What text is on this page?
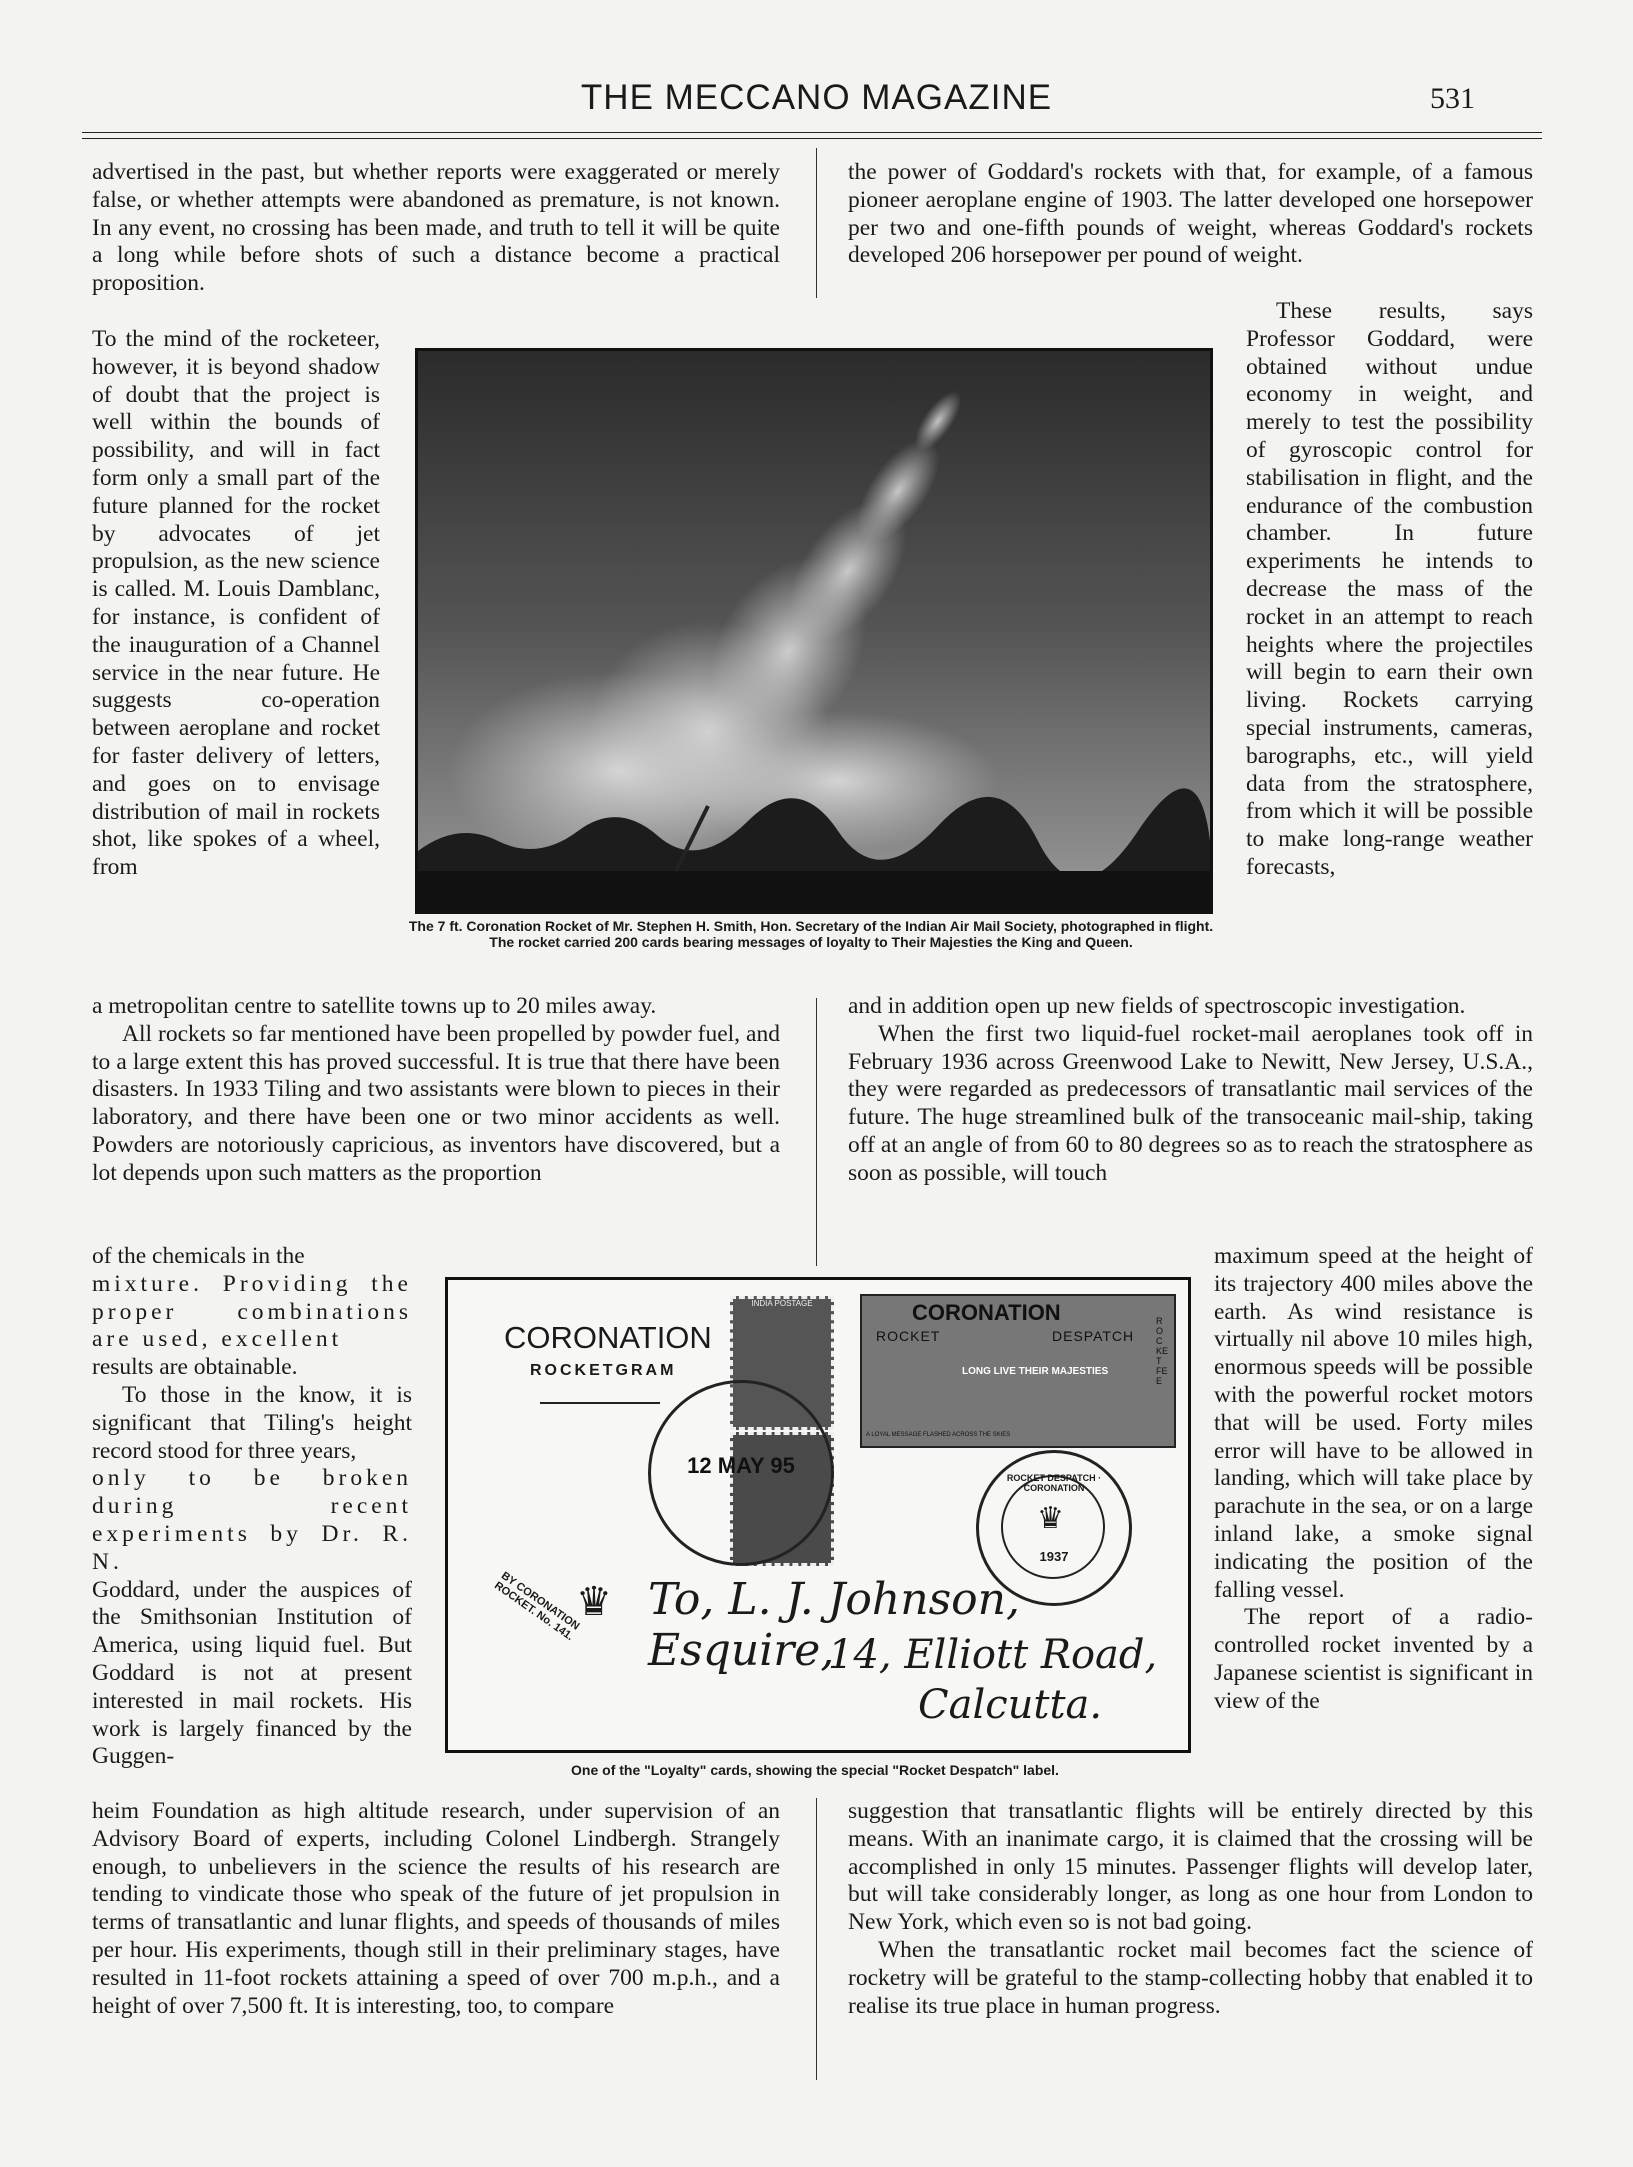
THE MECCANO MAGAZINE	531

advertised in the past, but whether reports were exaggerated or merely false, or whether attempts were abandoned as premature, is not known. In any event, no crossing has been made, and truth to tell it will be quite a long while before shots of such a distance become a practical proposition.

To the mind of the rocketeer, however, it is beyond shadow of doubt that the project is well within the bounds of possibility, and will in fact form only a small part of the future planned for the rocket by advocates of jet propulsion, as the new science is called. M. Louis Damblanc, for instance, is confident of the inauguration of a Channel service in the near future. He suggests co-operation between aeroplane and rocket for faster delivery of letters, and goes on to envisage distribution of mail in rockets shot, like spokes of a wheel, from

a metropolitan centre to satellite towns up to 20 miles away.

All rockets so far mentioned have been propelled by powder fuel, and to a large extent this has proved successful. It is true that there have been disasters. In 1933 Tiling and two assistants were blown to pieces in their laboratory, and there have been one or two minor accidents as well. Powders are notoriously capricious, as inventors have discovered, but a lot depends upon such matters as the proportion

of the chemicals in the

mixture. Providing the proper combinations are used, excellent

results are obtainable.

To those in the know, it is significant that Tiling's height record stood for three years,

only to be broken during recent experiments by Dr. R. N.

Goddard, under the auspices of the Smithsonian Institution of America, using liquid fuel. But Goddard is not at present interested in mail rockets. His work is largely financed by the Guggen-

heim Foundation as high altitude research, under supervision of an Advisory Board of experts, including Colonel Lindbergh. Strangely enough, to unbelievers in the science the results of his research are tending to vindicate those who speak of the future of jet propulsion in terms of transatlantic and lunar flights, and speeds of thousands of miles per hour. His experiments, though still in their preliminary stages, have resulted in 11-foot rockets attaining a speed of over 700 m.p.h., and a height of over 7,500 ft. It is interesting, too, to compare

the power of Goddard's rockets with that, for example, of a famous pioneer aeroplane engine of 1903. The latter developed one horsepower per two and one-fifth pounds of weight, whereas Goddard's rockets developed 206 horsepower per pound of weight.

These results, says Professor Goddard, were obtained without undue economy in weight, and merely to test the possibility of gyroscopic control for stabilisation in flight, and the endurance of the combustion chamber. In future experiments he intends to decrease the mass of the rocket in an attempt to reach heights where the projectiles will begin to earn their own living. Rockets carrying special instruments, cameras, barographs, etc., will yield data from the stratosphere, from which it will be possible to make long-range weather forecasts,

and in addition open up new fields of spectroscopic investigation.

When the first two liquid-fuel rocket-mail aeroplanes took off in February 1936 across Greenwood Lake to Newitt, New Jersey, U.S.A., they were regarded as predecessors of transatlantic mail services of the future. The huge streamlined bulk of the transoceanic mail-ship, taking off at an angle of from 60 to 80 degrees so as to reach the stratosphere as soon as possible, will touch

maximum speed at the height of its trajectory 400 miles above the earth. As wind resistance is virtually nil above 10 miles high, enormous speeds will be possible with the powerful rocket motors that will be used. Forty miles error will have to be allowed in landing, which will take place by parachute in the sea, or on a large inland lake, a smoke signal indicating the position of the falling vessel.

The report of a radio-controlled rocket invented by a Japanese scientist is significant in view of the

suggestion that transatlantic flights will be entirely directed by this means. With an inanimate cargo, it is claimed that the crossing will be accomplished in only 15 minutes. Passenger flights will develop later, but will take considerably longer, as long as one hour from London to New York, which even so is not bad going.

When the transatlantic rocket mail becomes fact the science of rocketry will be grateful to the stamp-collecting hobby that enabled it to realise its true place in human progress.

The 7 ft. Coronation Rocket of Mr. Stephen H. Smith, Hon. Secretary of the Indian Air Mail Society, photographed in flight. The rocket carried 200 cards bearing messages of loyalty to Their Majesties the King and Queen.
CORONATION
ROCKETGRAM
INDIA POSTAGE
12 MAY 95
CORONATION
ROCKET	DESPATCH
LONG LIVE THEIR MAJESTIES
ROCKET FEE
A LOYAL MESSAGE FLASHED ACROSS THE SKIES
ROCKET DESPATCH · CORONATION
1937
♛
BY CORONATION ROCKET. No. 141. ♛ To, L. J. Johnson, Esquire,
14, Elliott Road,
Calcutta.
One of the "Loyalty" cards, showing the special "Rocket Despatch" label.
